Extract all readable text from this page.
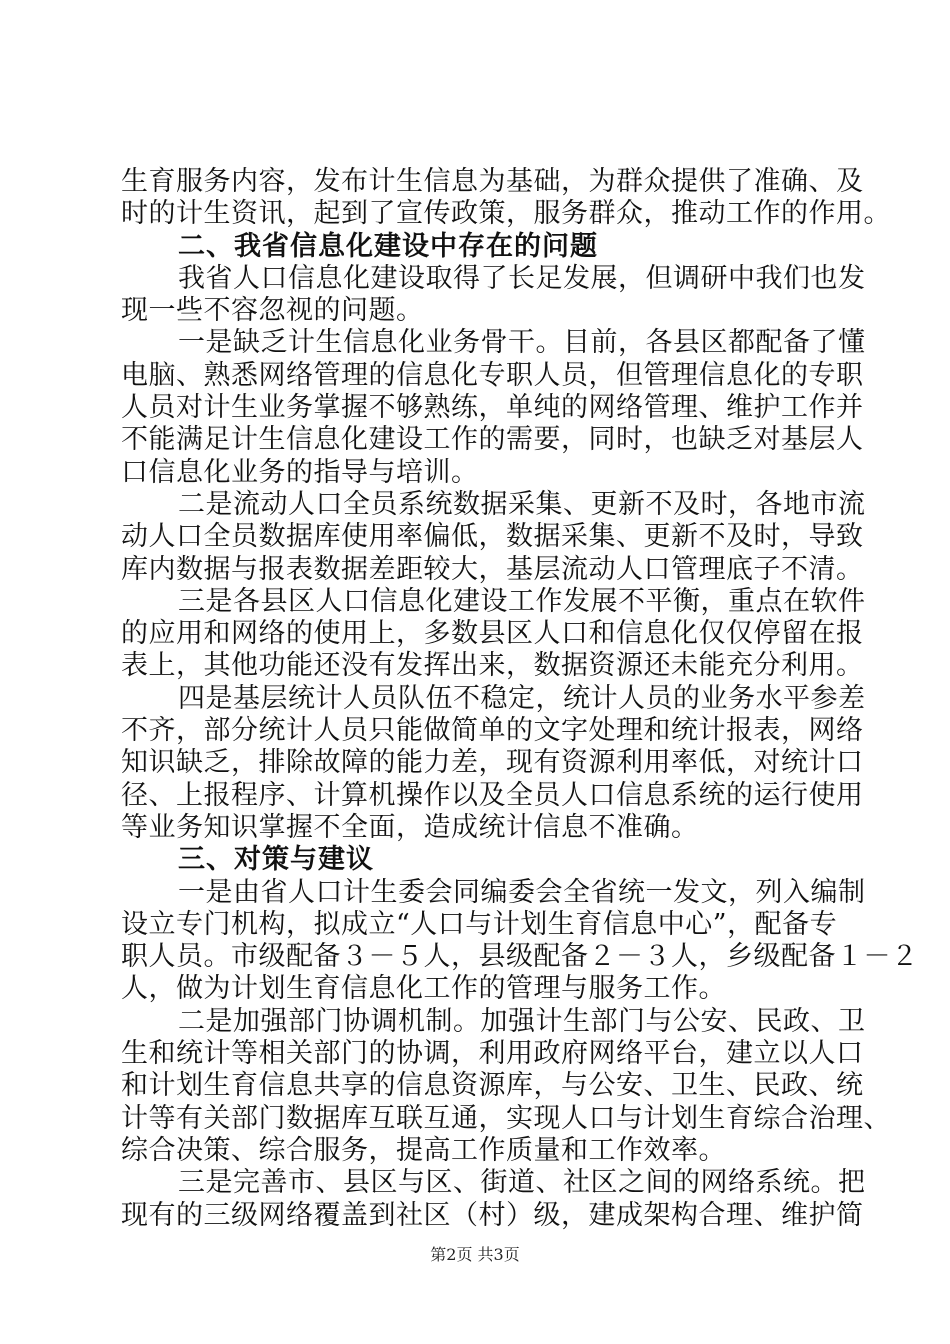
生育服务内容，发布计生信息为基础，为群众提供了准确、及
时的计生资讯，起到了宣传政策，服务群众，推动工作的作用。
二、我省信息化建设中存在的问题
我省人口信息化建设取得了长足发展，但调研中我们也发
现一些不容忽视的问题。
一是缺乏计生信息化业务骨干。目前，各县区都配备了懂
电脑、熟悉网络管理的信息化专职人员，但管理信息化的专职
人员对计生业务掌握不够熟练，单纯的网络管理、维护工作并
不能满足计生信息化建设工作的需要，同时，也缺乏对基层人
口信息化业务的指导与培训。
二是流动人口全员系统数据采集、更新不及时，各地市流
动人口全员数据库使用率偏低，数据采集、更新不及时，导致
库内数据与报表数据差距较大，基层流动人口管理底子不清。
三是各县区人口信息化建设工作发展不平衡，重点在软件
的应用和网络的使用上，多数县区人口和信息化仅仅停留在报
表上，其他功能还没有发挥出来，数据资源还未能充分利用。
四是基层统计人员队伍不稳定，统计人员的业务水平参差
不齐，部分统计人员只能做简单的文字处理和统计报表，网络
知识缺乏，排除故障的能力差，现有资源利用率低，对统计口
径、上报程序、计算机操作以及全员人口信息系统的运行使用
等业务知识掌握不全面，造成统计信息不准确。
三、对策与建议
一是由省人口计生委会同编委会全省统一发文，列入编制
设立专门机构，拟成立“人口与计划生育信息中心”，配备专
职人员。市级配备３－５人，县级配备２－３人，乡级配备１－２
人，做为计划生育信息化工作的管理与服务工作。
二是加强部门协调机制。加强计生部门与公安、民政、卫
生和统计等相关部门的协调，利用政府网络平台，建立以人口
和计划生育信息共享的信息资源库，与公安、卫生、民政、统
计等有关部门数据库互联互通，实现人口与计划生育综合治理、
综合决策、综合服务，提高工作质量和工作效率。
三是完善市、县区与区、街道、社区之间的网络系统。把
现有的三级网络覆盖到社区（村）级，建成架构合理、维护简
第2页 共3页
